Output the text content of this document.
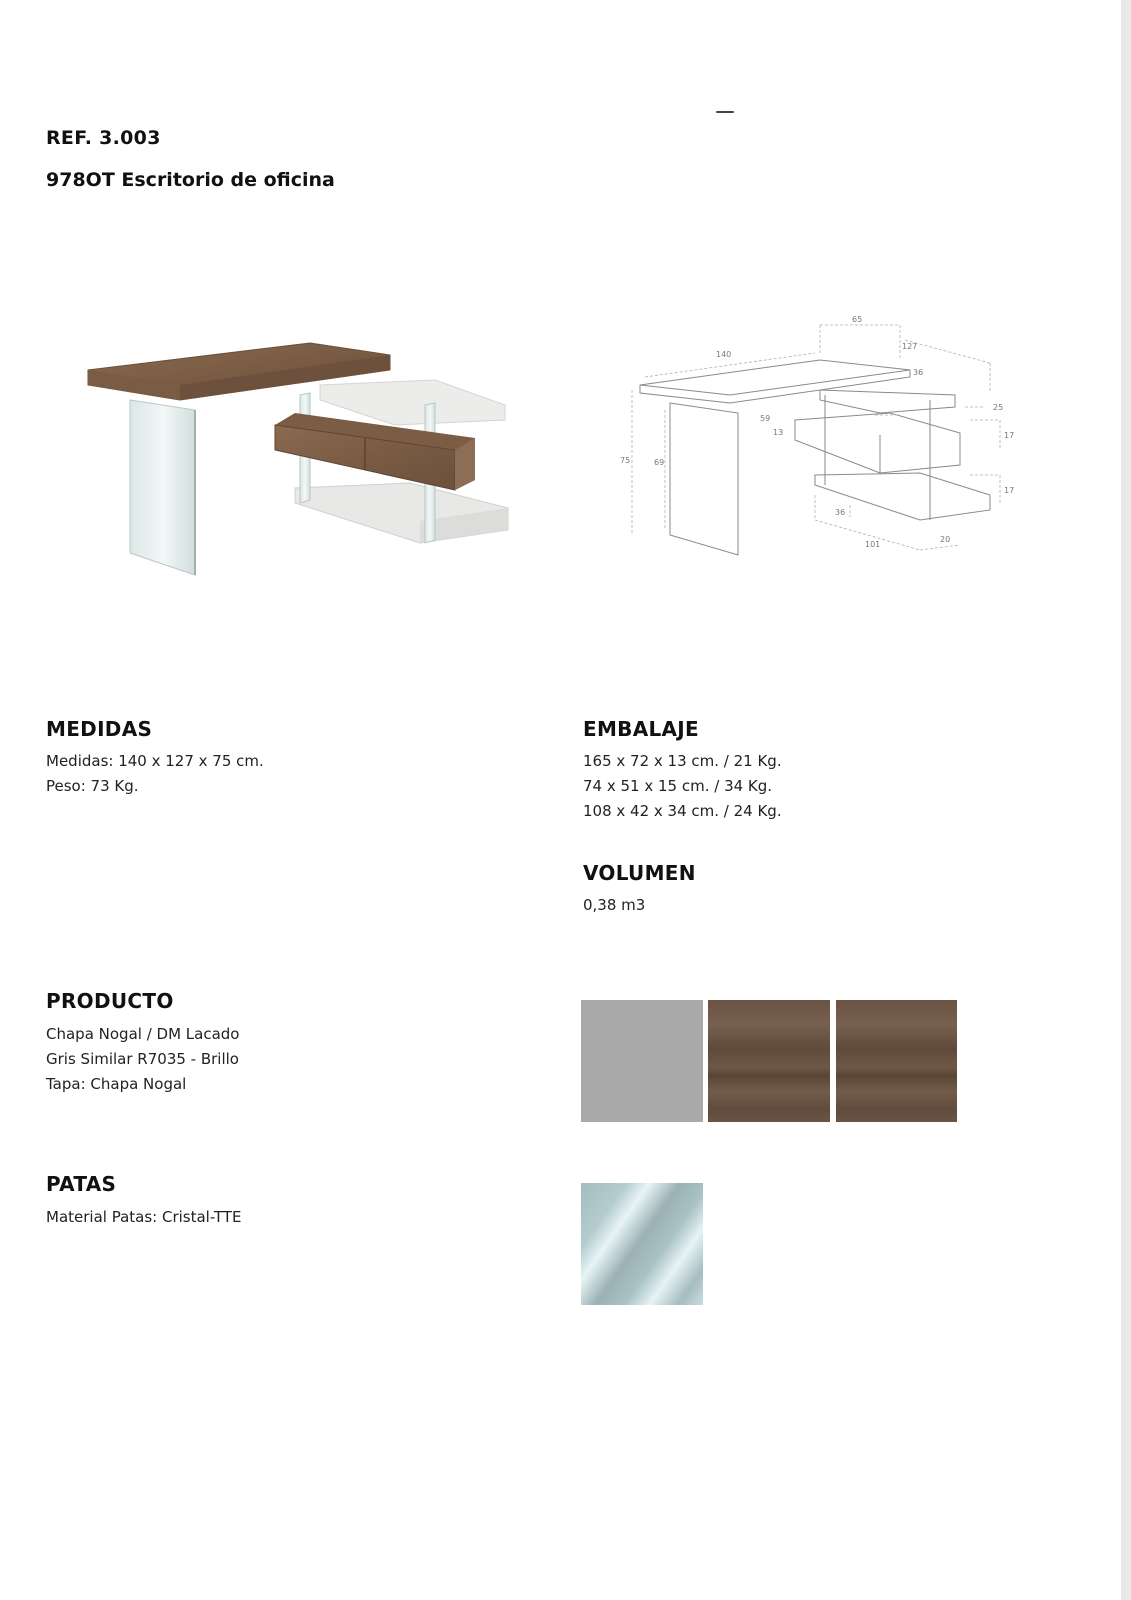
REF. 3.003
978OT Escritorio de oficina
140
65
127
75	69
36
25
13
59
17
17
36
101
20
MEDIDAS
Medidas: 140 x 127 x 75 cm.
Peso: 73 Kg.
EMBALAJE
165 x 72 x 13 cm. / 21 Kg.
74 x 51 x 15 cm. / 34 Kg.
108 x 42 x 34 cm. / 24 Kg.
VOLUMEN
0,38 m3
PRODUCTO
Chapa Nogal / DM Lacado
Gris Similar R7035 - Brillo
Tapa: Chapa Nogal
PATAS
Material Patas: Cristal-TTE
